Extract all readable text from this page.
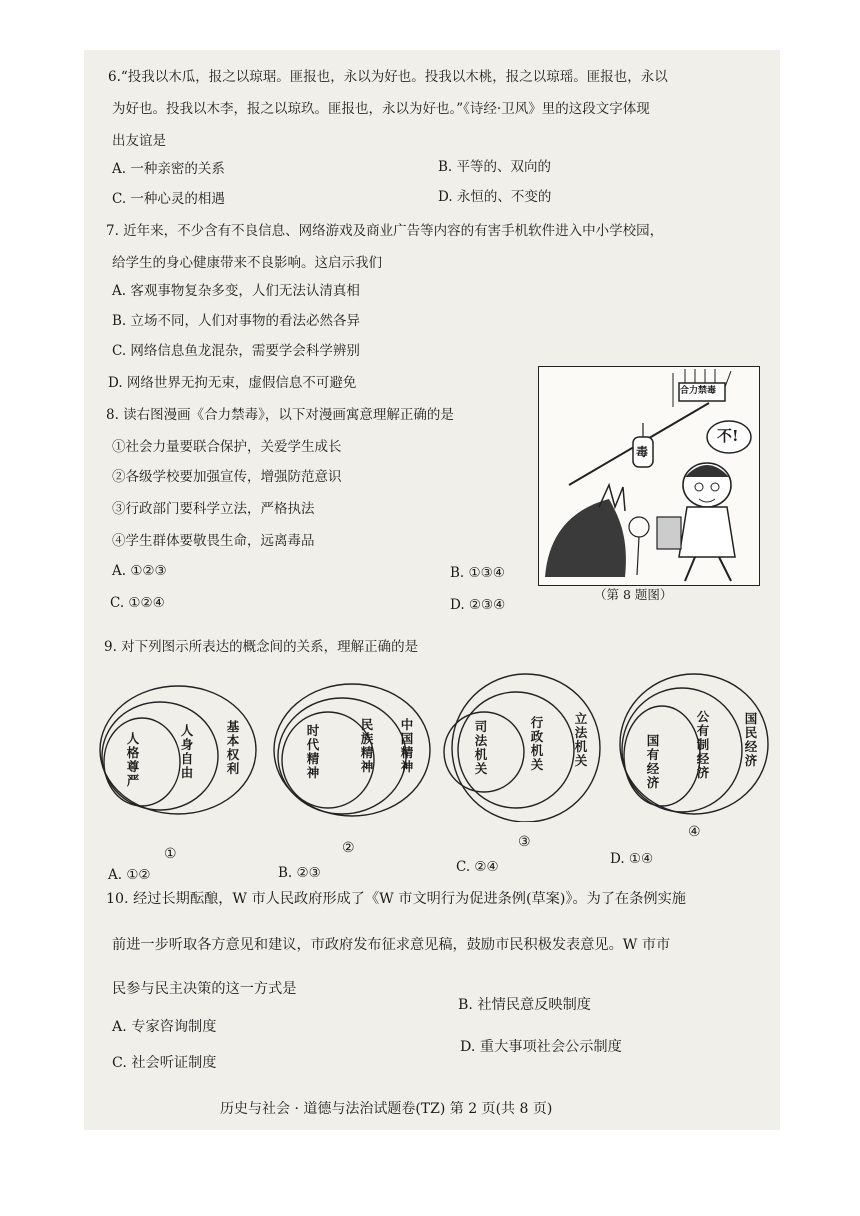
6.“投我以木瓜，报之以琼琚。匪报也，永以为好也。投我以木桃，报之以琼瑶。匪报也，永以
为好也。投我以木李，报之以琼玖。匪报也，永以为好也。”《诗经·卫风》里的这段文字体现
出友谊是
A. 一种亲密的关系	B. 平等的、双向的
C. 一种心灵的相遇	D. 永恒的、不变的
7. 近年来，不少含有不良信息、网络游戏及商业广告等内容的有害手机软件进入中小学校园，
给学生的身心健康带来不良影响。这启示我们
A. 客观事物复杂多变，人们无法认清真相
B. 立场不同，人们对事物的看法必然各异
C. 网络信息鱼龙混杂，需要学会科学辨别
D. 网络世界无拘无束，虚假信息不可避免
8. 读右图漫画《合力禁毒》，以下对漫画寓意理解正确的是
①社会力量要联合保护，关爱学生成长
②各级学校要加强宣传，增强防范意识
③行政部门要科学立法，严格执法
④学生群体要敬畏生命，远离毒品
A. ①②③	B. ①③④
C. ①②④	D. ②③④
合力禁毒
毒
不!
（第 8 题图）
9. 对下列图示所表达的概念间的关系，理解正确的是
人格尊严
人身自由
基本权利
①
时代精神
民族精神
中国精神
②
司法机关
行政机关
立法机关
③
国有经济
公有制经济
国民经济
④
A. ①②	B. ②③	C. ②④	D. ①④
10. 经过长期酝酿，W 市人民政府形成了《W 市文明行为促进条例(草案)》。为了在条例实施
前进一步听取各方意见和建议，市政府发布征求意见稿，鼓励市民积极发表意见。W 市市
民参与民主决策的这一方式是
A. 专家咨询制度
B. 社情民意反映制度
C. 社会听证制度
D. 重大事项社会公示制度
历史与社会 · 道德与法治试题卷(TZ) 第 2 页(共 8 页)
